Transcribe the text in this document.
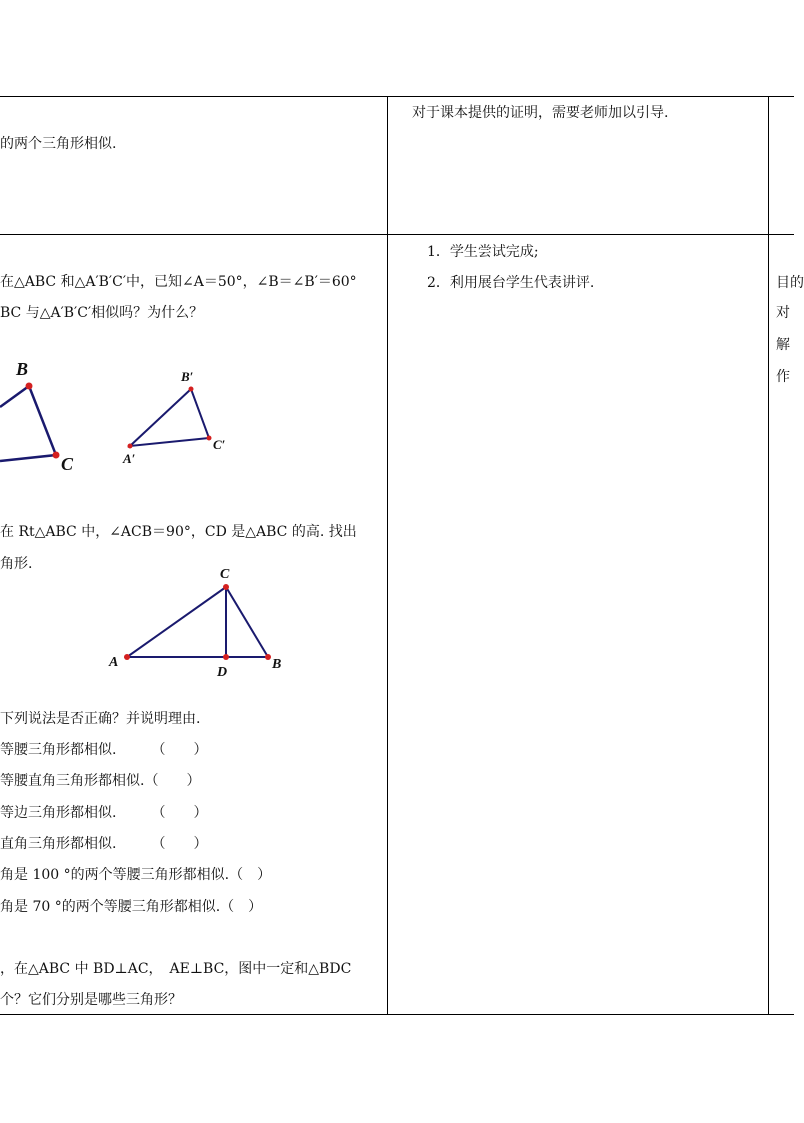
的两个三角形相似.
对于课本提供的证明，需要老师加以引导.
1．学生尝试完成;
2．利用展台学生代表讲评.	目的
对
解
作
在△ABC 和△A′B′C′中，已知∠A＝50°，∠B＝∠B′＝60°
BC 与△A′B′C′相似吗？为什么？
B
C
B′
A′
C′
在 Rt△ABC 中，∠ACB＝90°，CD 是△ABC 的高. 找出
角形.
C
A
D
B
下列说法是否正确？并说明理由.
等腰三角形都相似.　　　（　　）
等腰直角三角形都相似.（　　）
等边三角形都相似.　　　（　　）
直角三角形都相似.　　　（　　）
角是 100 °的两个等腰三角形都相似.（　）
角是 70 °的两个等腰三角形都相似.（　）
，在△ABC 中 BD⊥AC，　AE⊥BC，图中一定和△BDC
个？它们分别是哪些三角形？
